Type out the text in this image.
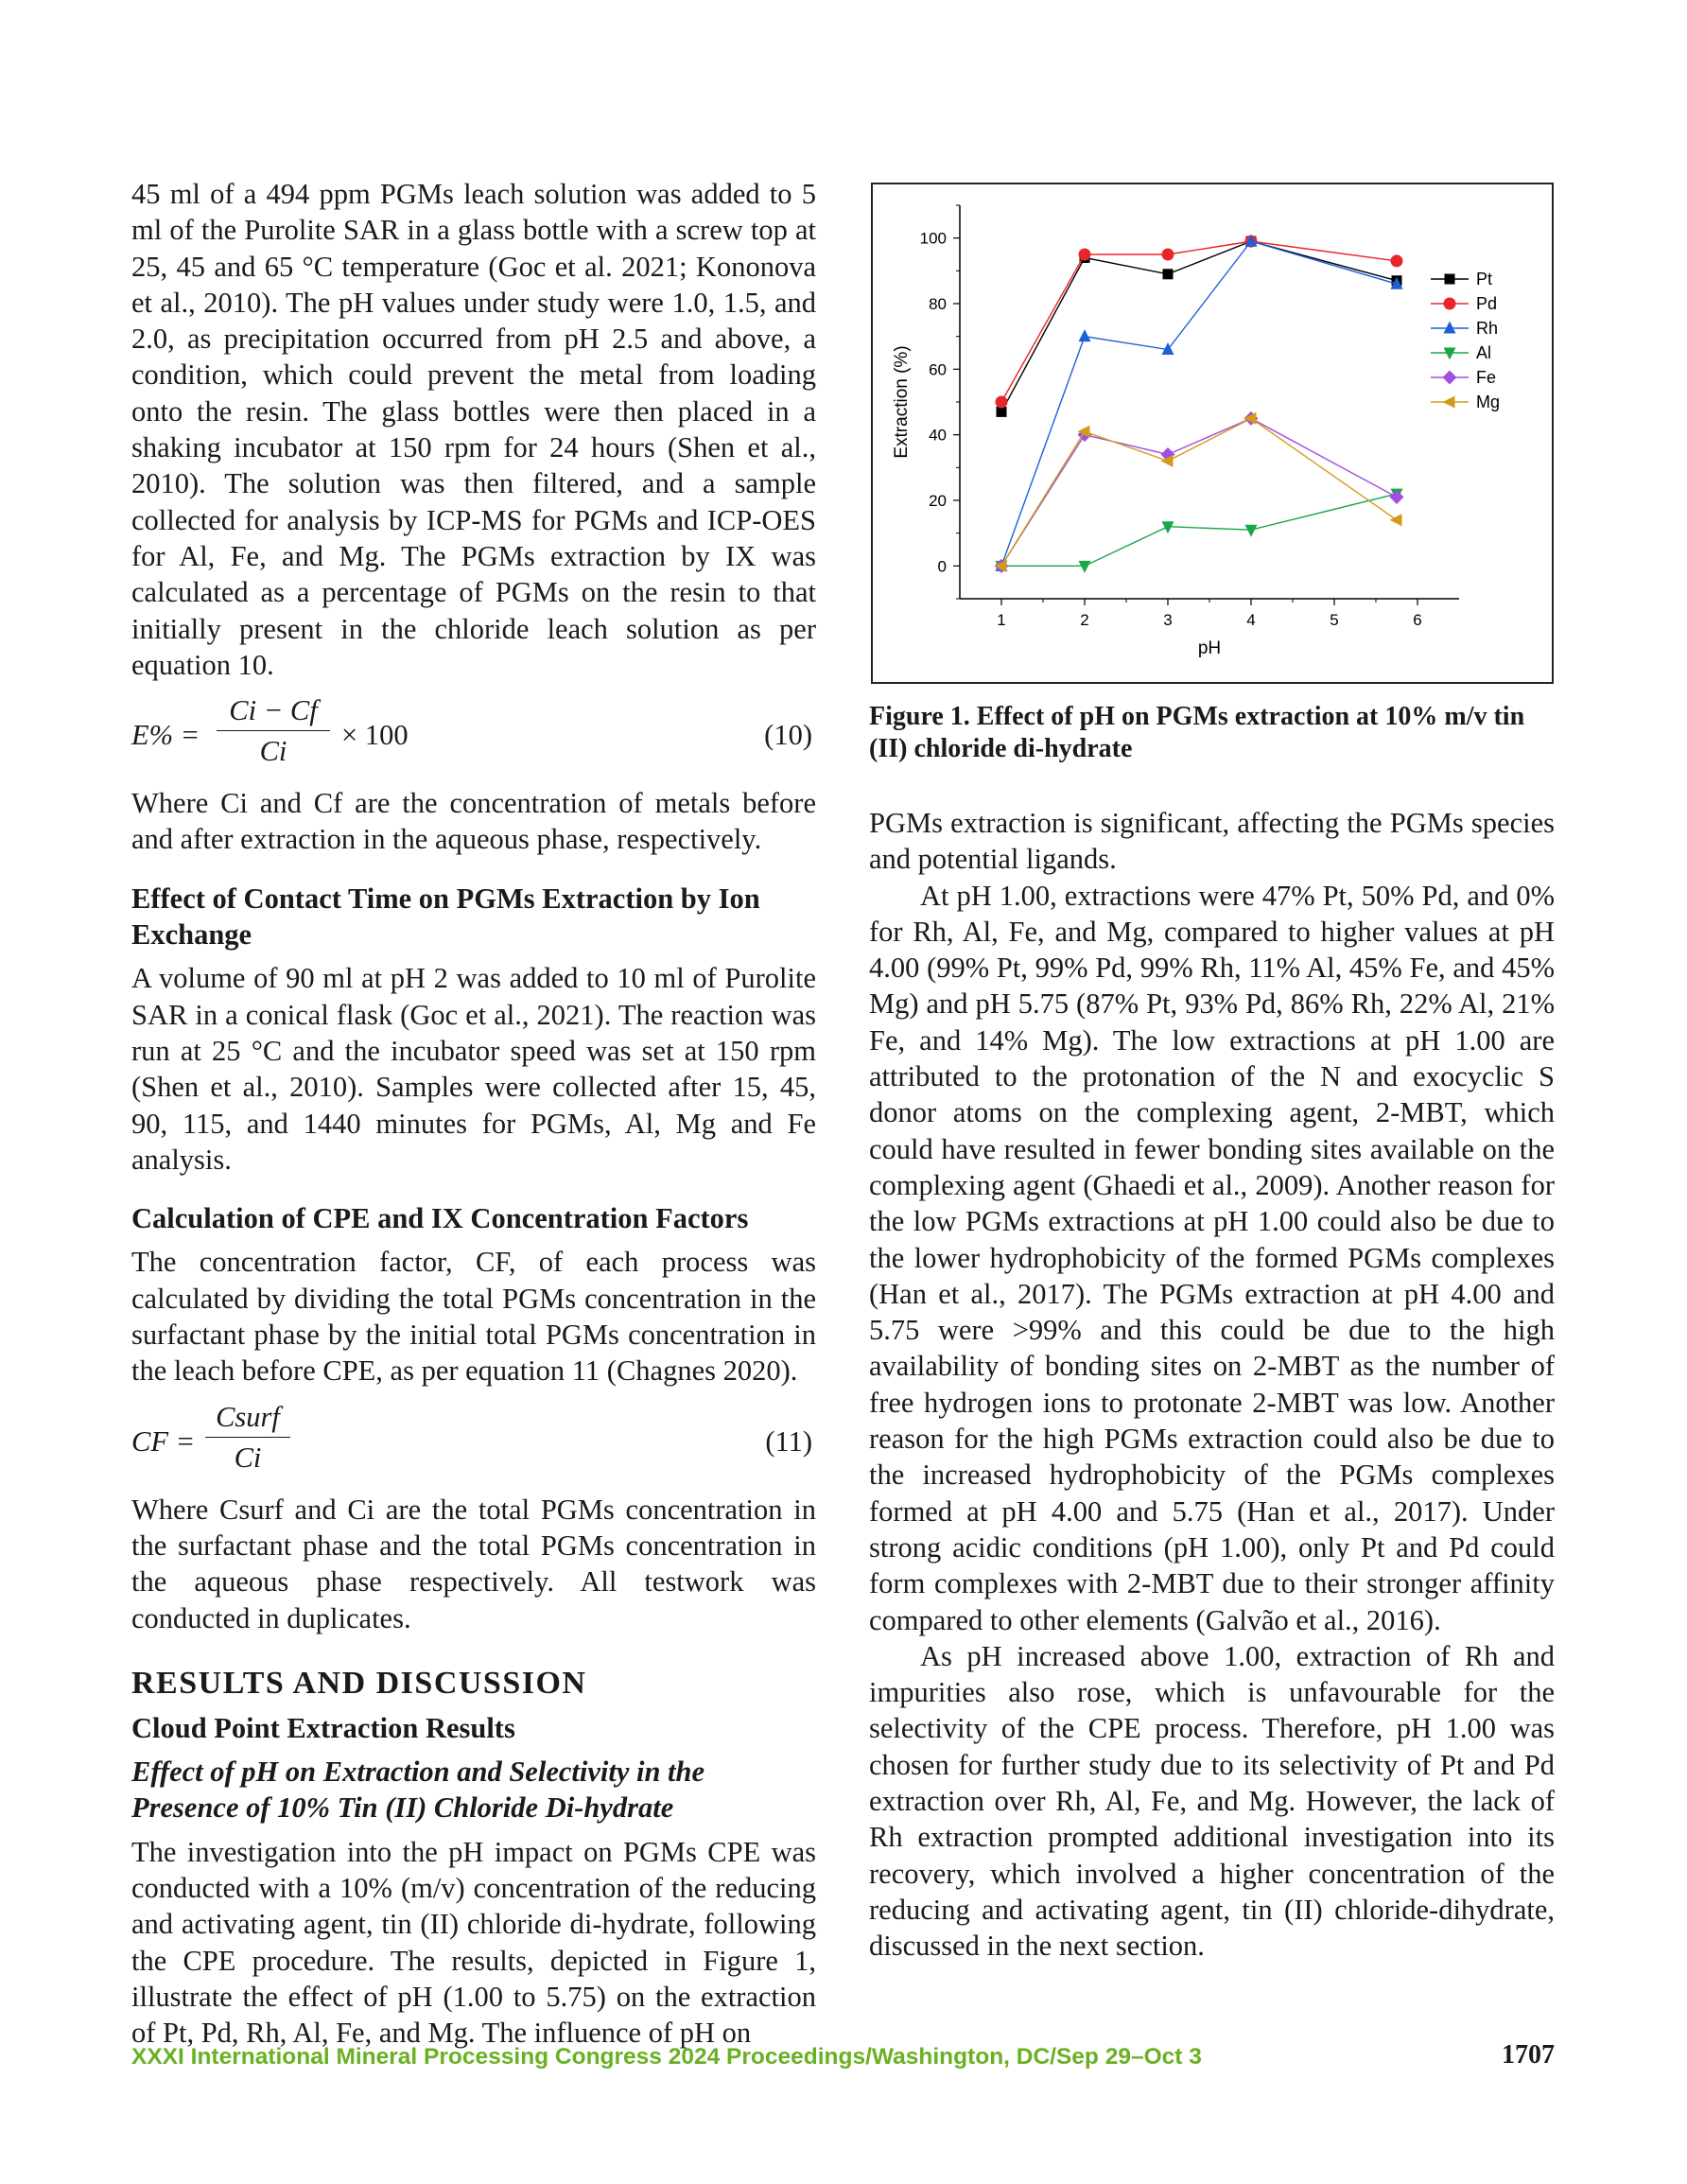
45 ml of a 494 ppm PGMs leach solution was added to 5 ml of the Purolite SAR in a glass bottle with a screw top at 25, 45 and 65 °C temperature (Goc et al. 2021; Kononova et al., 2010). The pH values under study were 1.0, 1.5, and 2.0, as precipitation occurred from pH 2.5 and above, a condition, which could prevent the metal from loading onto the resin. The glass bottles were then placed in a shaking incubator at 150 rpm for 24 hours (Shen et al., 2010). The solution was then filtered, and a sample collected for analysis by ICP-MS for PGMs and ICP-OES for Al, Fe, and Mg. The PGMs extraction by IX was calculated as a percentage of PGMs on the resin to that initially present in the chloride leach solution as per equation 10.

E% =
Ci − Cf
Ci
× 100	(10)

Where Ci and Cf are the concentration of metals before and after extraction in the aqueous phase, respectively.

Effect of Contact Time on PGMs Extraction by Ion Exchange

A volume of 90 ml at pH 2 was added to 10 ml of Purolite SAR in a conical flask (Goc et al., 2021). The reaction was run at 25 °C and the incubator speed was set at 150 rpm (Shen et al., 2010). Samples were collected after 15, 45, 90, 115, and 1440 minutes for PGMs, Al, Mg and Fe analysis.

Calculation of CPE and IX Concentration Factors

The concentration factor, CF, of each process was calculated by dividing the total PGMs concentration in the surfactant phase by the initial total PGMs concentration in the leach before CPE, as per equation 11 (Chagnes 2020).

CF =
Csurf
Ci
(11)

Where Csurf and Ci are the total PGMs concentration in the surfactant phase and the total PGMs concentration in the aqueous phase respectively. All testwork was conducted in duplicates.

RESULTS AND DISCUSSION
Cloud Point Extraction Results
Effect of pH on Extraction and Selectivity in the Presence of 10% Tin (II) Chloride Di-hydrate

The investigation into the pH impact on PGMs CPE was conducted with a 10% (m/v) concentration of the reducing and activating agent, tin (II) chloride di-hydrate, following the CPE procedure. The results, depicted in Figure 1, illustrate the effect of pH (1.00 to 5.75) on the extraction of Pt, Pd, Rh, Al, Fe, and Mg. The influence of pH on

0
20
40
60
80
100
1	2	3	4	5	6
pH
Extraction (%)
Pt
Pd
Rh
Al
Fe
Mg
Figure 1. Effect of pH on PGMs extraction at 10% m/v tin (II) chloride di-hydrate

PGMs extraction is significant, affecting the PGMs species and potential ligands.

At pH 1.00, extractions were 47% Pt, 50% Pd, and 0% for Rh, Al, Fe, and Mg, compared to higher values at pH 4.00 (99% Pt, 99% Pd, 99% Rh, 11% Al, 45% Fe, and 45% Mg) and pH 5.75 (87% Pt, 93% Pd, 86% Rh, 22% Al, 21% Fe, and 14% Mg). The low extractions at pH 1.00 are attributed to the protonation of the N and exocyclic S donor atoms on the complexing agent, 2-MBT, which could have resulted in fewer bonding sites available on the complexing agent (Ghaedi et al., 2009). Another reason for the low PGMs extractions at pH 1.00 could also be due to the lower hydrophobicity of the formed PGMs complexes (Han et al., 2017). The PGMs extraction at pH 4.00 and 5.75 were >99% and this could be due to the high availability of bonding sites on 2-MBT as the number of free hydrogen ions to protonate 2-MBT was low. Another reason for the high PGMs extraction could also be due to the increased hydrophobicity of the PGMs complexes formed at pH 4.00 and 5.75 (Han et al., 2017). Under strong acidic conditions (pH 1.00), only Pt and Pd could form complexes with 2-MBT due to their stronger affinity compared to other elements (Galvão et al., 2016).

As pH increased above 1.00, extraction of Rh and impurities also rose, which is unfavourable for the selectivity of the CPE process. Therefore, pH 1.00 was chosen for further study due to its selectivity of Pt and Pd extraction over Rh, Al, Fe, and Mg. However, the lack of Rh extraction prompted additional investigation into its recovery, which involved a higher concentration of the reducing and activating agent, tin (II) chloride-dihydrate, discussed in the next section.

XXXI International Mineral Processing Congress 2024 Proceedings/Washington, DC/Sep 29–Oct 3	1707
